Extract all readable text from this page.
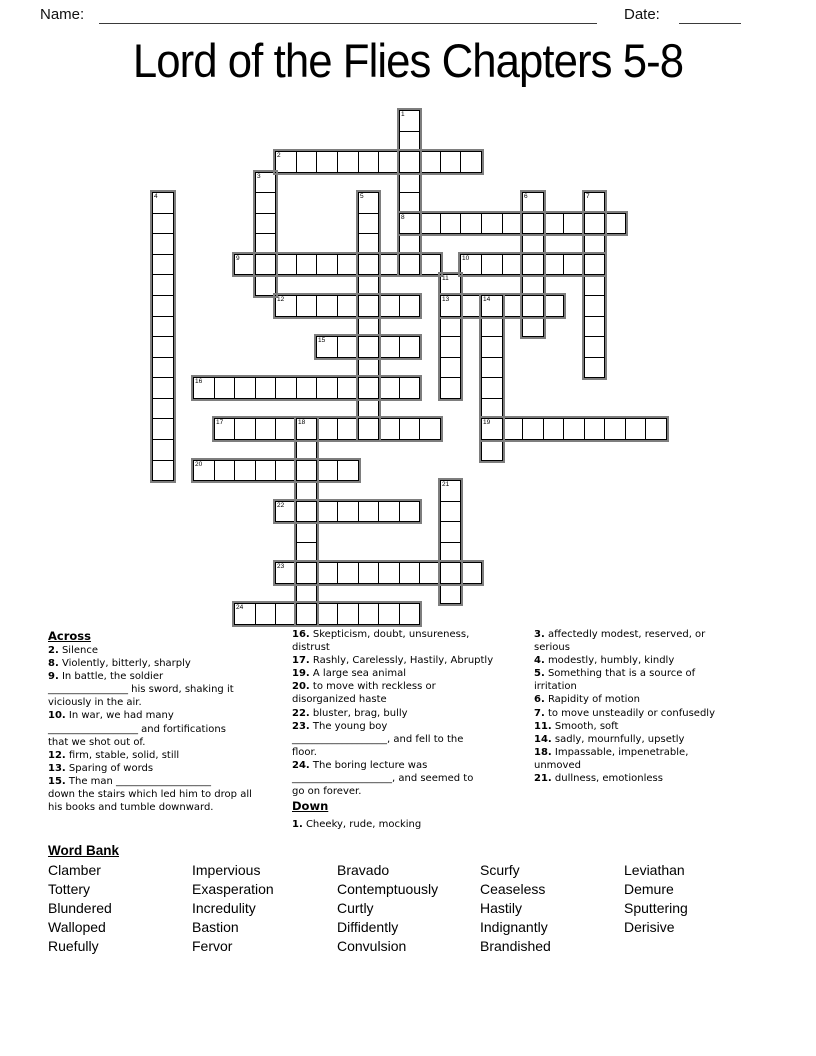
Name:	Date:
Lord of the Flies Chapters 5-8
1
2
3
4	5	6	7
8
9	10
11
12	13	14
15
16
17	18	19
20
21
22
23
24
Across
2. Silence
8. Violently, bitterly, sharply
9. In battle, the soldier
________________ his sword, shaking it
viciously in the air.
10. In war, we had many
__________________ and fortifications
that we shot out of.
12. firm, stable, solid, still
13. Sparing of words
15. The man ___________________
down the stairs which led him to drop all
his books and tumble downward.
16. Skepticism, doubt, unsureness,
distrust
17. Rashly, Carelessly, Hastily, Abruptly
19. A large sea animal
20. to move with reckless or
disorganized haste
22. bluster, brag, bully
23. The young boy
___________________, and fell to the
floor.
24. The boring lecture was
____________________, and seemed to
go on forever.
Down
1. Cheeky, rude, mocking
3. affectedly modest, reserved, or
serious
4. modestly, humbly, kindly
5. Something that is a source of
irritation
6. Rapidity of motion
7. to move unsteadily or confusedly
11. Smooth, soft
14. sadly, mournfully, upsetly
18. Impassable, impenetrable,
unmoved
21. dullness, emotionless
Word Bank
Clamber
Tottery
Blundered
Walloped
Ruefully
Impervious
Exasperation
Incredulity
Bastion
Fervor
Bravado
Contemptuously
Curtly
Diffidently
Convulsion
Scurfy
Ceaseless
Hastily
Indignantly
Brandished
Leviathan
Demure
Sputtering
Derisive
